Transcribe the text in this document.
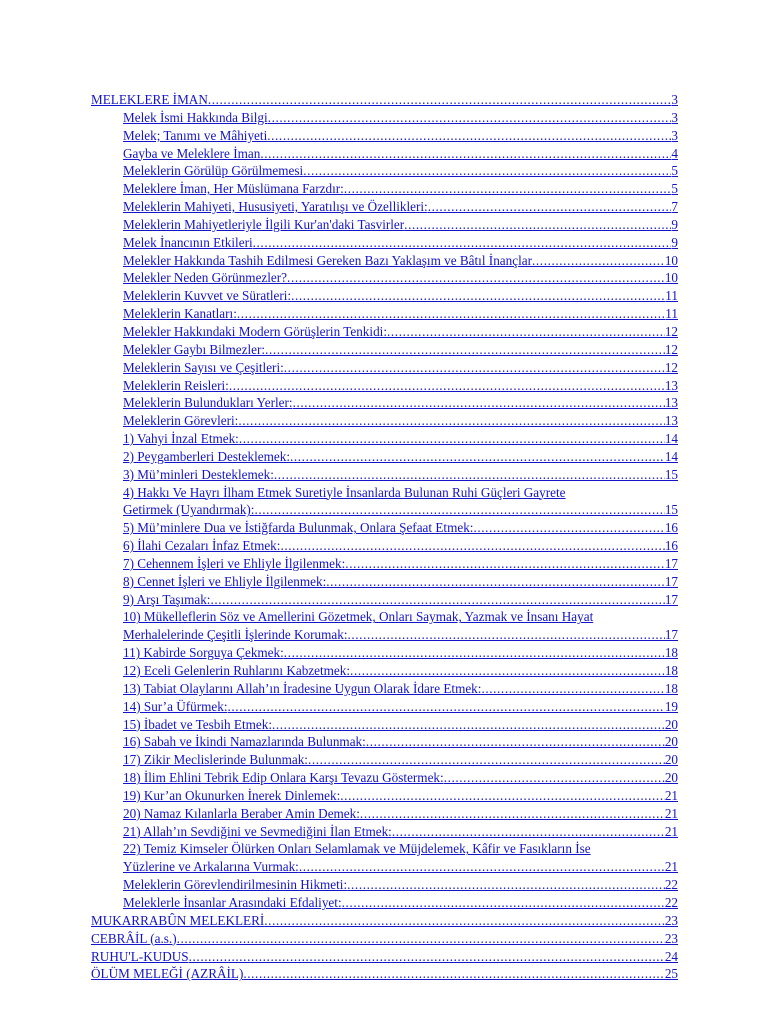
MELEKLERE İMAN .....	3
Melek İsmi Hakkında Bilgi .....	3
Melek; Tanımı ve Mâhiyeti .....	3
Gayba ve Meleklere İman .....	4
Meleklerin Görülüp Görülmemesi .....	5
Meleklere İman, Her Müslümana Farzdır: .....	5
Meleklerin Mahiyeti, Hususiyeti, Yaratılışı ve Özellikleri: .....	7
Meleklerin Mahiyetleriyle İlgili Kur'an'daki Tasvirler .....	9
Melek İnancının Etkileri .....	9
Melekler Hakkında Tashih Edilmesi Gereken Bazı Yaklaşım ve Bâtıl İnançlar .....	10
Melekler Neden Görünmezler? .....	10
Meleklerin Kuvvet ve Süratleri: .....	11
Meleklerin Kanatları: .....	11
Melekler Hakkındaki Modern Görüşlerin Tenkidi: .....	12
Melekler Gaybı Bilmezler: .....	12
Meleklerin Sayısı ve Çeşitleri: .....	12
Meleklerin Reisleri: .....	13
Meleklerin Bulundukları Yerler: .....	13
Meleklerin Görevleri: .....	13
1) Vahyi İnzal Etmek: .....	14
2) Peygamberleri Desteklemek: .....	14
3) Mü’minleri Desteklemek: .....	15
4) Hakkı Ve Hayrı İlham Etmek Suretiyle İnsanlarda Bulunan Ruhi Güçleri Gayrete
Getirmek (Uyandırmak): .....	15
5) Mü’minlere Dua ve İstiğfarda Bulunmak, Onlara Şefaat Etmek: .....	16
6) İlahi Cezaları İnfaz Etmek: .....	16
7) Cehennem İşleri ve Ehliyle İlgilenmek: .....	17
8) Cennet İşleri ve Ehliyle İlgilenmek: .....	17
9) Arşı Taşımak: .....	17
10) Mükelleflerin Söz ve Amellerini Gözetmek, Onları Saymak, Yazmak ve İnsanı Hayat
Merhalelerinde Çeşitli İşlerinde Korumak: .....	17
11) Kabirde Sorguya Çekmek: .....	18
12) Eceli Gelenlerin Ruhlarını Kabzetmek: .....	18
13) Tabiat Olaylarını Allah’ın İradesine Uygun Olarak İdare Etmek: .....	18
14) Sur’a Üfürmek: .....	19
15) İbadet ve Tesbih Etmek: .....	20
16) Sabah ve İkindi Namazlarında Bulunmak: .....	20
17) Zikir Meclislerinde Bulunmak: .....	20
18) İlim Ehlini Tebrik Edip Onlara Karşı Tevazu Göstermek: .....	20
19) Kur’an Okunurken İnerek Dinlemek: .....	21
20) Namaz Kılanlarla Beraber Amin Demek: .....	21
21) Allah’ın Sevdiğini ve Sevmediğini İlan Etmek: .....	21
22) Temiz Kimseler Ölürken Onları Selamlamak ve Müjdelemek, Kâfir ve Fasıkların İse
Yüzlerine ve Arkalarına Vurmak: .....	21
Meleklerin Görevlendirilmesinin Hikmeti: .....	22
Meleklerle İnsanlar Arasındaki Efdaliyet: .....	22
MUKARRABÛN MELEKLERİ .....	23
CEBRÂİL (a.s.) .....	23
RUHU'L-KUDUS .....	24
ÖLÜM MELEĞİ (AZRÂİL) .....	25
